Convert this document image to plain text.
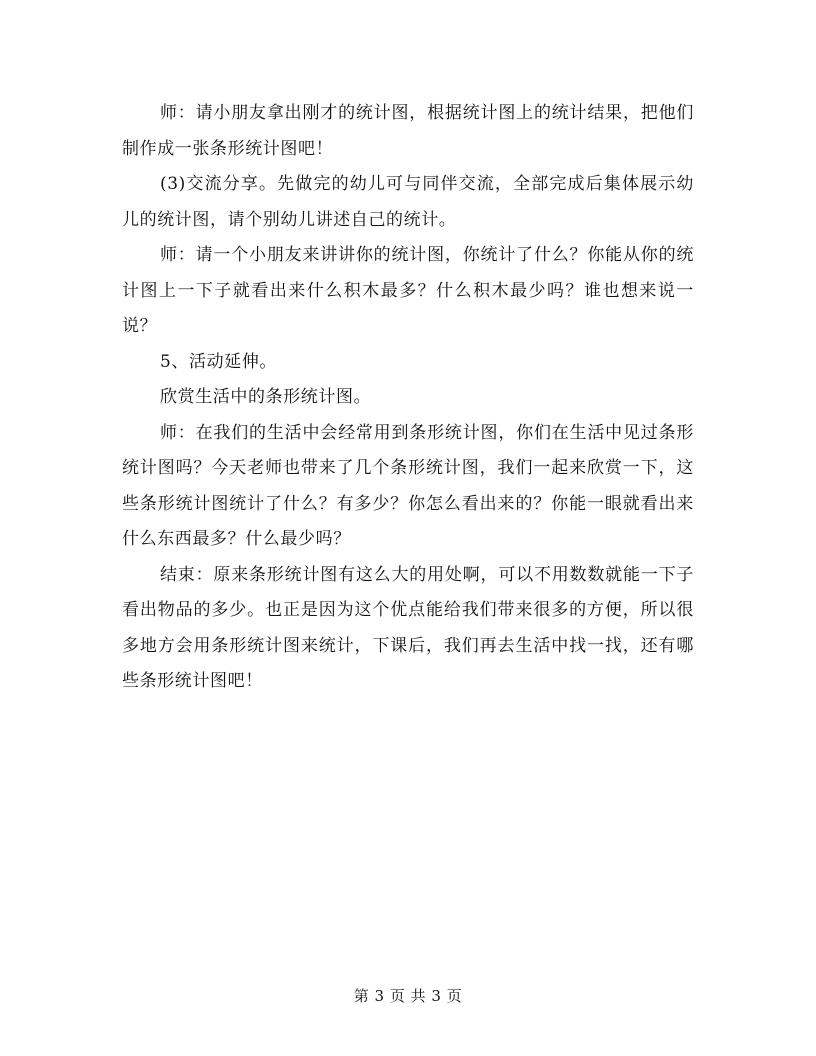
师：请小朋友拿出刚才的统计图，根据统计图上的统计结果，把他们制作成一张条形统计图吧！

(3)交流分享。先做完的幼儿可与同伴交流，全部完成后集体展示幼儿的统计图，请个别幼儿讲述自己的统计。

师：请一个小朋友来讲讲你的统计图，你统计了什么？你能从你的统计图上一下子就看出来什么积木最多？什么积木最少吗？谁也想来说一说？

5、活动延伸。

欣赏生活中的条形统计图。

师：在我们的生活中会经常用到条形统计图，你们在生活中见过条形统计图吗？今天老师也带来了几个条形统计图，我们一起来欣赏一下，这些条形统计图统计了什么？有多少？你怎么看出来的？你能一眼就看出来什么东西最多？什么最少吗？

结束：原来条形统计图有这么大的用处啊，可以不用数数就能一下子看出物品的多少。也正是因为这个优点能给我们带来很多的方便，所以很多地方会用条形统计图来统计，下课后，我们再去生活中找一找，还有哪些条形统计图吧！

第 3 页 共 3 页
